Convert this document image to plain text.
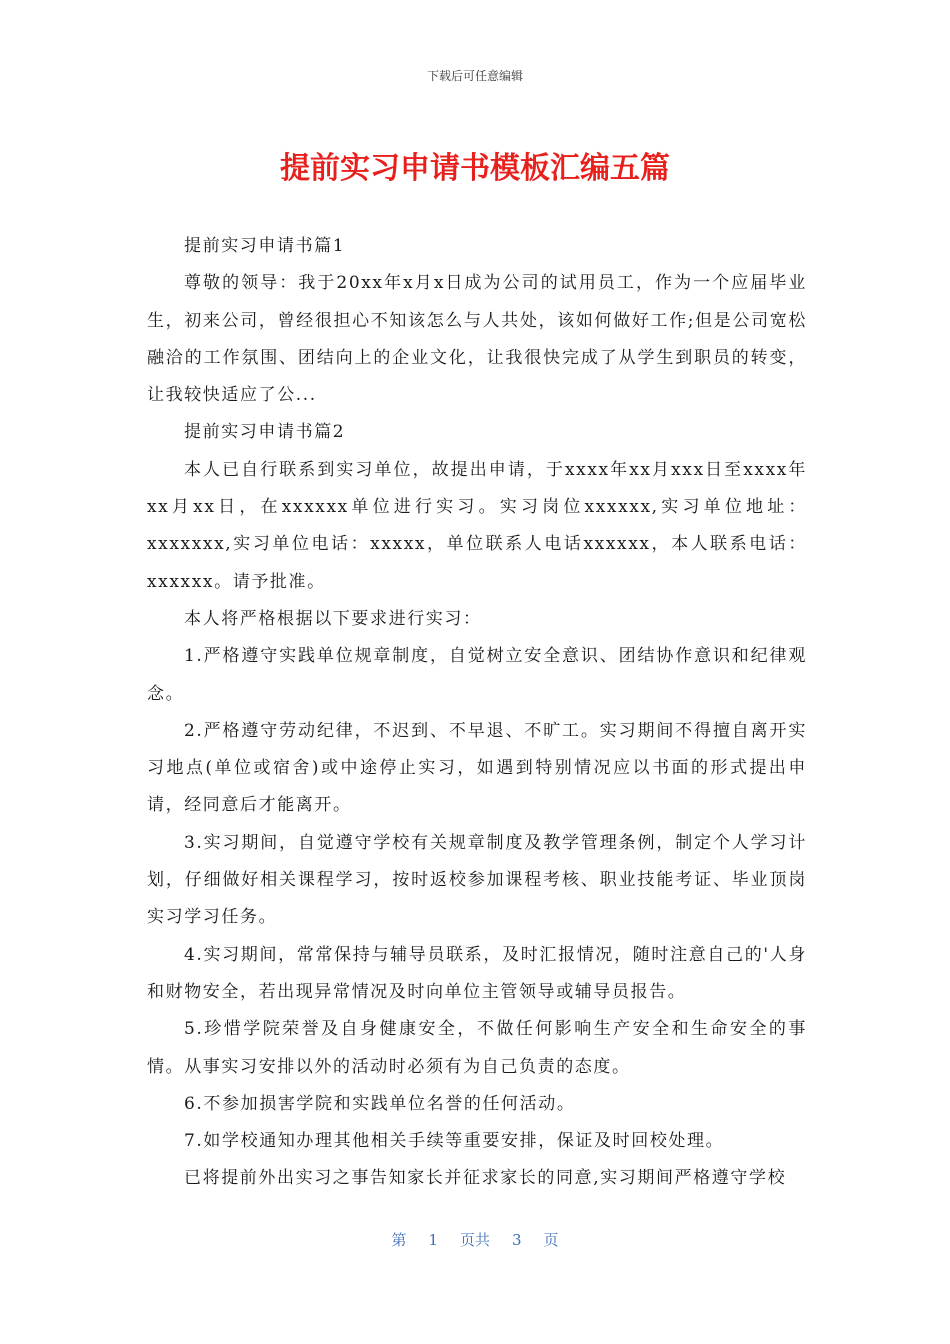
下载后可任意编辑
提前实习申请书模板汇编五篇

提前实习申请书篇1

尊敬的领导：我于20xx年x月x日成为公司的试用员工，作为一个应届毕业生，初来公司，曾经很担心不知该怎么与人共处，该如何做好工作;但是公司宽松融洽的工作氛围、团结向上的企业文化，让我很快完成了从学生到职员的转变，让我较快适应了公...

提前实习申请书篇2

本人已自行联系到实习单位，故提出申请，于xxxx年xx月xxx日至xxxx年xx月xx日，在xxxxxx单位进行实习。实习岗位xxxxxx,实习单位地址：xxxxxxx,实习单位电话：xxxxx，单位联系人电话xxxxxx，本人联系电话：xxxxxx。请予批准。

本人将严格根据以下要求进行实习：

1.严格遵守实践单位规章制度，自觉树立安全意识、团结协作意识和纪律观念。

2.严格遵守劳动纪律，不迟到、不早退、不旷工。实习期间不得擅自离开实习地点(单位或宿舍)或中途停止实习，如遇到特别情况应以书面的形式提出申请，经同意后才能离开。

3.实习期间，自觉遵守学校有关规章制度及教学管理条例，制定个人学习计划，仔细做好相关课程学习，按时返校参加课程考核、职业技能考证、毕业顶岗实习学习任务。

4.实习期间，常常保持与辅导员联系，及时汇报情况，随时注意自己的'人身和财物安全，若出现异常情况及时向单位主管领导或辅导员报告。

5.珍惜学院荣誉及自身健康安全，不做任何影响生产安全和生命安全的事情。从事实习安排以外的活动时必须有为自己负责的态度。

6.不参加损害学院和实践单位名誉的任何活动。

7.如学校通知办理其他相关手续等重要安排，保证及时回校处理。

已将提前外出实习之事告知家长并征求家长的同意,实习期间严格遵守学校

第 1 页共 3 页
